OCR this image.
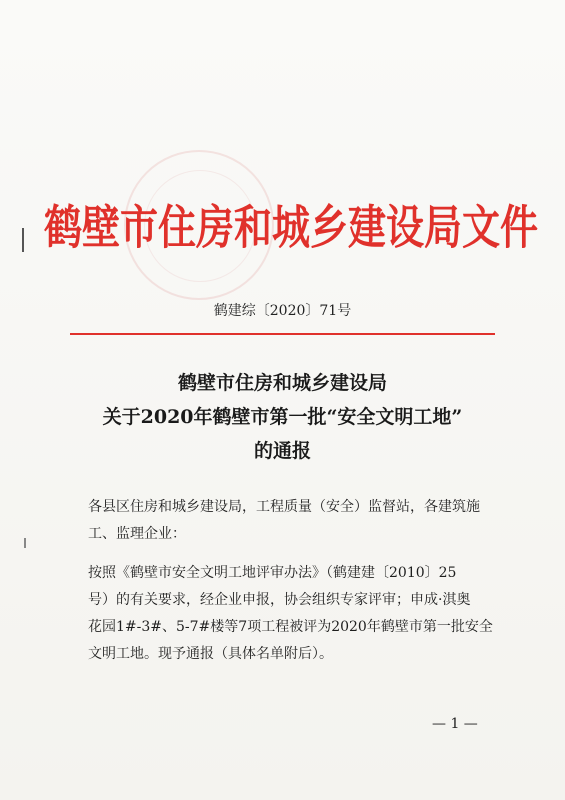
鹤壁市住房和城乡建设局文件
鹤建综〔2020〕71号
鹤壁市住房和城乡建设局
关于2020年鹤壁市第一批“安全文明工地”
的通报
各县区住房和城乡建设局，工程质量（安全）监督站，各建筑施
工、监理企业：
按照《鹤壁市安全文明工地评审办法》（鹤建建〔2010〕25
号）的有关要求，经企业申报，协会组织专家评审；申成·淇奥
花园1#-3#、5-7#楼等7项工程被评为2020年鹤壁市第一批安全
文明工地。现予通报（具体名单附后）。
— 1 —
